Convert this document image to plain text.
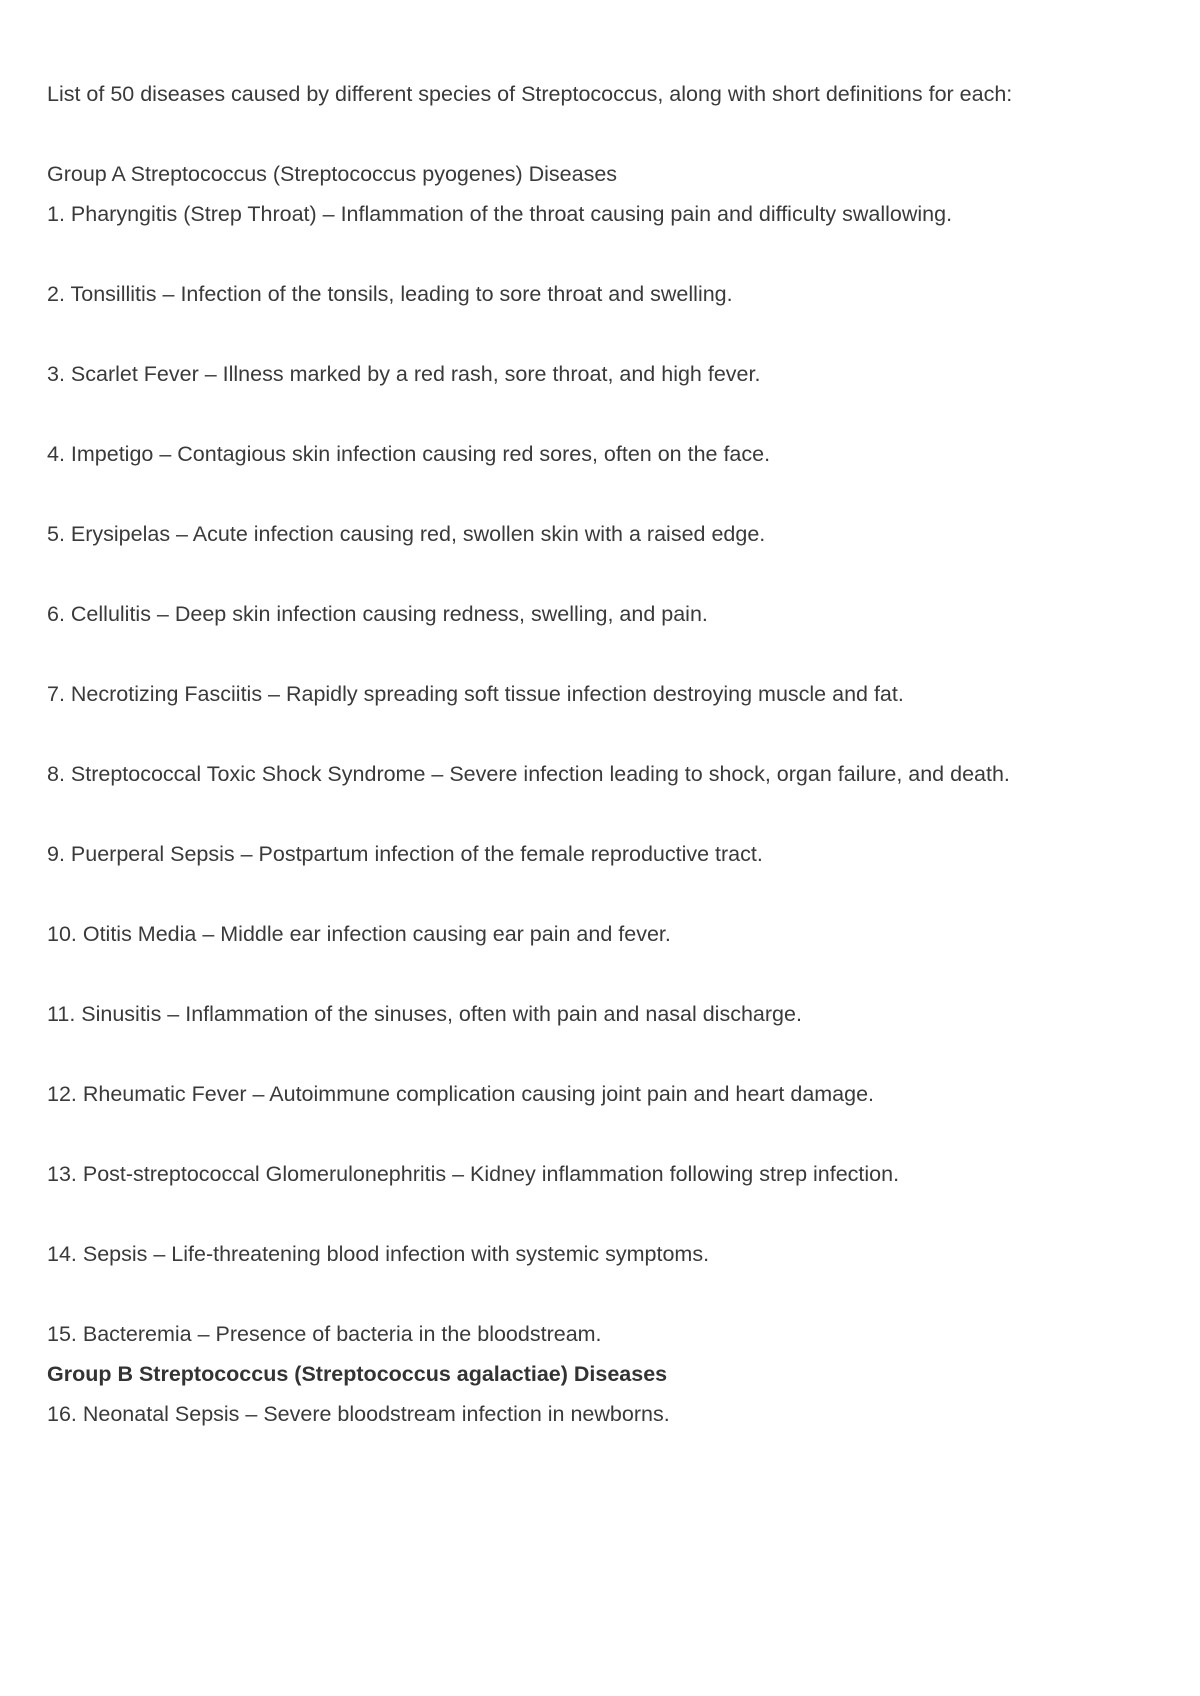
List of 50 diseases caused by different species of Streptococcus, along with short definitions for each:

Group A Streptococcus (Streptococcus pyogenes) Diseases

1. Pharyngitis (Strep Throat) – Inflammation of the throat causing pain and difficulty swallowing.

2. Tonsillitis – Infection of the tonsils, leading to sore throat and swelling.

3. Scarlet Fever – Illness marked by a red rash, sore throat, and high fever.

4. Impetigo – Contagious skin infection causing red sores, often on the face.

5. Erysipelas – Acute infection causing red, swollen skin with a raised edge.

6. Cellulitis – Deep skin infection causing redness, swelling, and pain.

7. Necrotizing Fasciitis – Rapidly spreading soft tissue infection destroying muscle and fat.

8. Streptococcal Toxic Shock Syndrome – Severe infection leading to shock, organ failure, and death.

9. Puerperal Sepsis – Postpartum infection of the female reproductive tract.

10. Otitis Media – Middle ear infection causing ear pain and fever.

11. Sinusitis – Inflammation of the sinuses, often with pain and nasal discharge.

12. Rheumatic Fever – Autoimmune complication causing joint pain and heart damage.

13. Post-streptococcal Glomerulonephritis – Kidney inflammation following strep infection.

14. Sepsis – Life-threatening blood infection with systemic symptoms.

15. Bacteremia – Presence of bacteria in the bloodstream.

Group B Streptococcus (Streptococcus agalactiae) Diseases

16. Neonatal Sepsis – Severe bloodstream infection in newborns.
